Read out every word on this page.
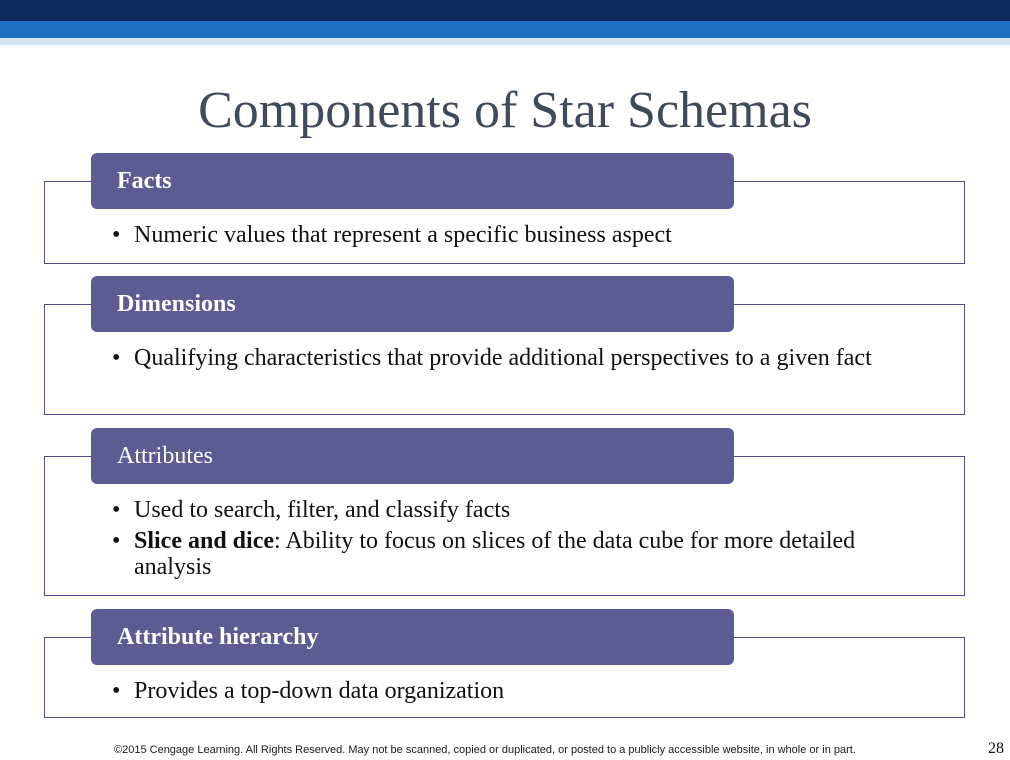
Components of Star Schemas
Facts
• Numeric values that represent a specific business aspect
Dimensions
• Qualifying characteristics that provide additional perspectives to a given fact
Attributes
• Used to search, filter, and classify facts
• Slice and dice: Ability to focus on slices of the data cube for more detailed analysis
Attribute hierarchy
• Provides a top-down data organization
©2015 Cengage Learning. All Rights Reserved. May not be scanned, copied or duplicated, or posted to a publicly accessible website, in whole or in part.	28
